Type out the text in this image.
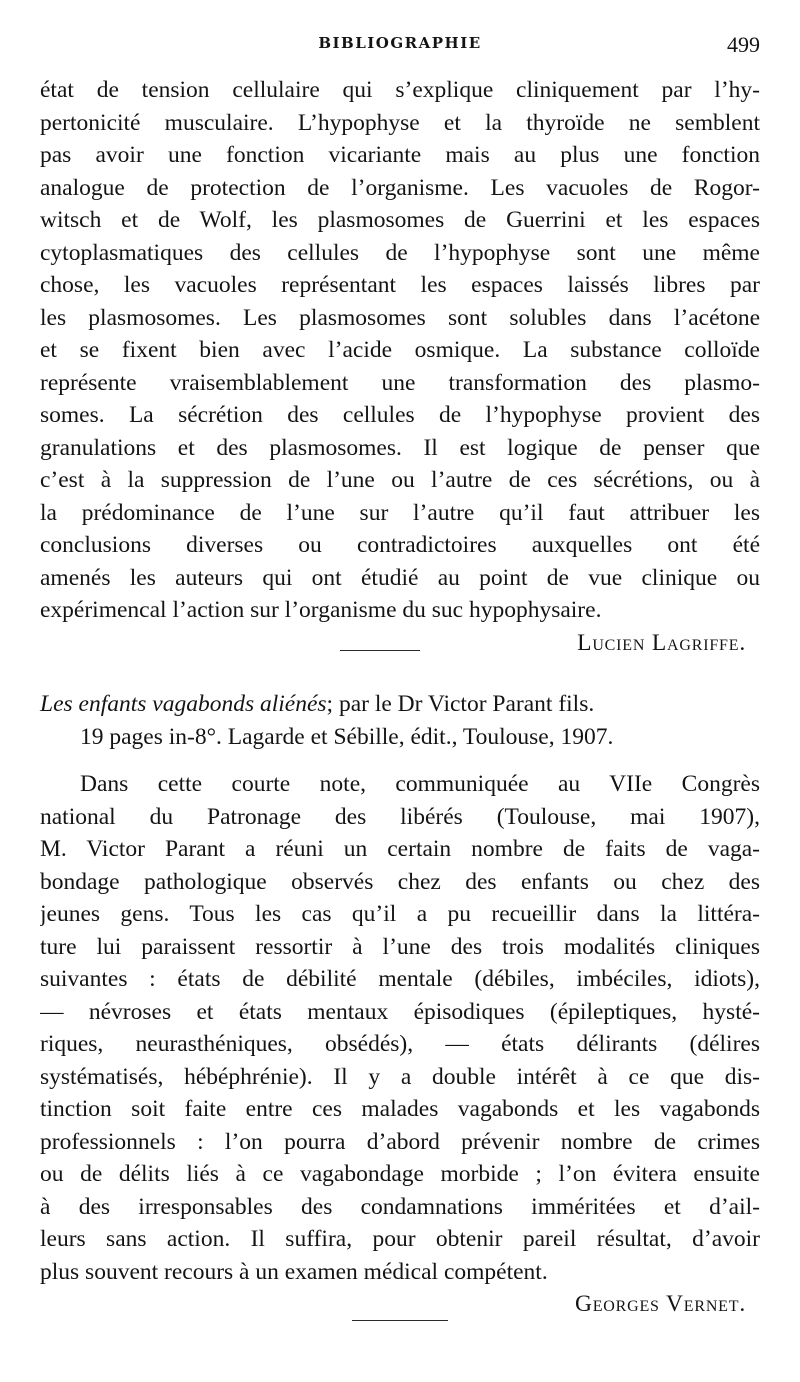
BIBLIOGRAPHIE	499
état de tension cellulaire qui s’explique cliniquement par l’hy-
pertonicité musculaire. L’hypophyse et la thyroïde ne semblent
pas avoir une fonction vicariante mais au plus une fonction
analogue de protection de l’organisme. Les vacuoles de Rogor-
witsch et de Wolf, les plasmosomes de Guerrini et les espaces
cytoplasmatiques des cellules de l’hypophyse sont une même
chose, les vacuoles représentant les espaces laissés libres par
les plasmosomes. Les plasmosomes sont solubles dans l’acétone
et se fixent bien avec l’acide osmique. La substance colloïde
représente vraisemblablement une transformation des plasmo-
somes. La sécrétion des cellules de l’hypophyse provient des
granulations et des plasmosomes. Il est logique de penser que
c’est à la suppression de l’une ou l’autre de ces sécrétions, ou à
la prédominance de l’une sur l’autre qu’il faut attribuer les
conclusions diverses ou contradictoires auxquelles ont été
amenés les auteurs qui ont étudié au point de vue clinique ou
expérimencal l’action sur l’organisme du suc hypophysaire.
Lucien Lagriffe.
Les enfants vagabonds aliénés; par le Dr Victor Parant fils.
19 pages in-8°. Lagarde et Sébille, édit., Toulouse, 1907.
Dans cette courte note, communiquée au VIIe Congrès
national du Patronage des libérés (Toulouse, mai 1907),
M. Victor Parant a réuni un certain nombre de faits de vaga-
bondage pathologique observés chez des enfants ou chez des
jeunes gens. Tous les cas qu’il a pu recueillir dans la littéra-
ture lui paraissent ressortir à l’une des trois modalités cliniques
suivantes : états de débilité mentale (débiles, imbéciles, idiots),
— névroses et états mentaux épisodiques (épileptiques, hysté-
riques, neurasthéniques, obsédés), — états délirants (délires
systématisés, hébéphrénie). Il y a double intérêt à ce que dis-
tinction soit faite entre ces malades vagabonds et les vagabonds
professionnels : l’on pourra d’abord prévenir nombre de crimes
ou de délits liés à ce vagabondage morbide ; l’on évitera ensuite
à des irresponsables des condamnations imméritées et d’ail-
leurs sans action. Il suffira, pour obtenir pareil résultat, d’avoir
plus souvent recours à un examen médical compétent.
Georges Vernet.
